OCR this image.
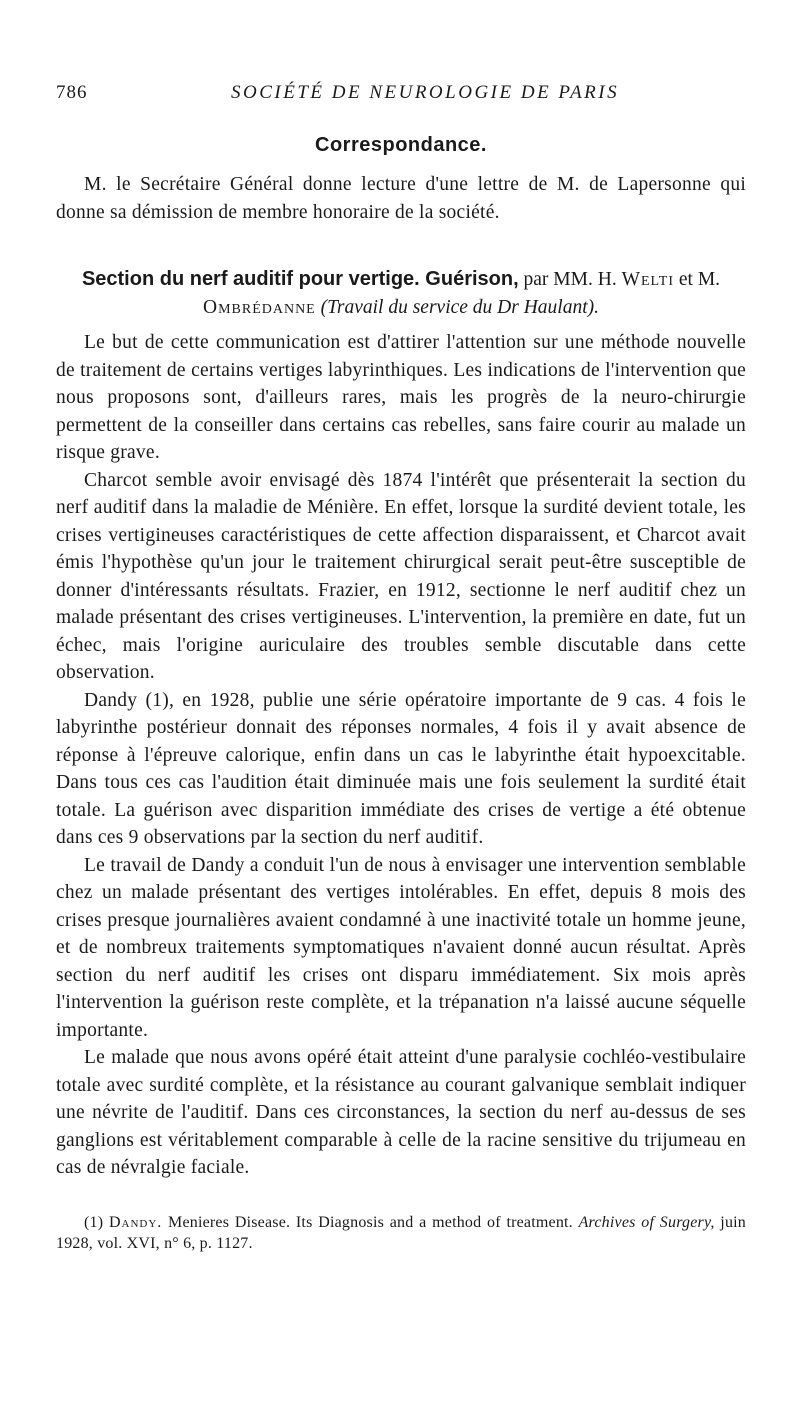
786	SOCIÉTÉ DE NEUROLOGIE DE PARIS
Correspondance.

M. le Secrétaire Général donne lecture d'une lettre de M. de Lapersonne qui donne sa démission de membre honoraire de la société.

Section du nerf auditif pour vertige. Guérison, par MM. H. Welti et M. Ombrédanne (Travail du service du Dr Haulant).

Le but de cette communication est d'attirer l'attention sur une méthode nouvelle de traitement de certains vertiges labyrinthiques. Les indications de l'intervention que nous proposons sont, d'ailleurs rares, mais les progrès de la neuro-chirurgie permettent de la conseiller dans certains cas rebelles, sans faire courir au malade un risque grave.

Charcot semble avoir envisagé dès 1874 l'intérêt que présenterait la section du nerf auditif dans la maladie de Ménière. En effet, lorsque la surdité devient totale, les crises vertigineuses caractéristiques de cette affection disparaissent, et Charcot avait émis l'hypothèse qu'un jour le traitement chirurgical serait peut-être susceptible de donner d'intéressants résultats. Frazier, en 1912, sectionne le nerf auditif chez un malade présentant des crises vertigineuses. L'intervention, la première en date, fut un échec, mais l'origine auriculaire des troubles semble discutable dans cette observation.

Dandy (1), en 1928, publie une série opératoire importante de 9 cas. 4 fois le labyrinthe postérieur donnait des réponses normales, 4 fois il y avait absence de réponse à l'épreuve calorique, enfin dans un cas le labyrinthe était hypoexcitable. Dans tous ces cas l'audition était diminuée mais une fois seulement la surdité était totale. La guérison avec disparition immédiate des crises de vertige a été obtenue dans ces 9 observations par la section du nerf auditif.

Le travail de Dandy a conduit l'un de nous à envisager une intervention semblable chez un malade présentant des vertiges intolérables. En effet, depuis 8 mois des crises presque journalières avaient condamné à une inactivité totale un homme jeune, et de nombreux traitements symptomatiques n'avaient donné aucun résultat. Après section du nerf auditif les crises ont disparu immédiatement. Six mois après l'intervention la guérison reste complète, et la trépanation n'a laissé aucune séquelle importante.

Le malade que nous avons opéré était atteint d'une paralysie cochléo-vestibulaire totale avec surdité complète, et la résistance au courant galvanique semblait indiquer une névrite de l'auditif. Dans ces circonstances, la section du nerf au-dessus de ses ganglions est véritablement comparable à celle de la racine sensitive du trijumeau en cas de névralgie faciale.

(1) Dandy. Menieres Disease. Its Diagnosis and a method of treatment. Archives of Surgery, juin 1928, vol. XVI, n° 6, p. 1127.
